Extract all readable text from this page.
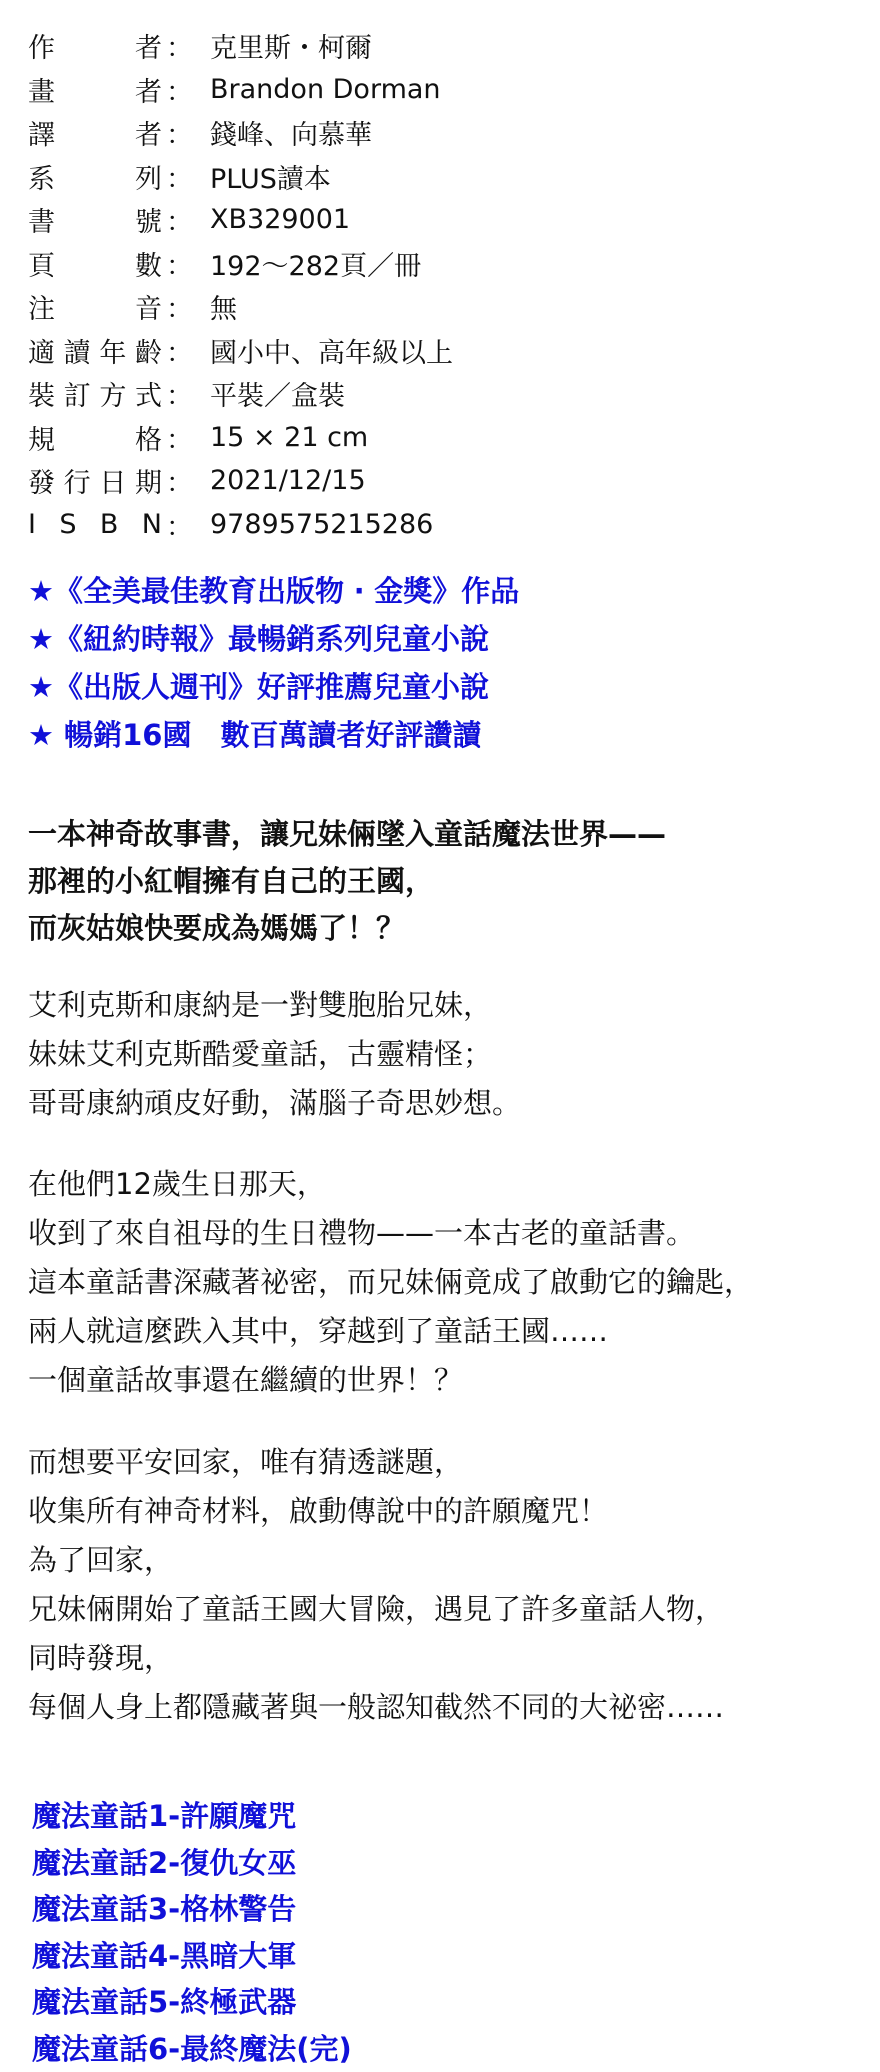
作	者 ： 克里斯・柯爾
畫	者 ： Brandon Dorman
譯	者 ： 錢峰、向慕華
系	列 ： PLUS讀本
書	號 ： XB329001
頁	數 ： 192～282頁／冊
注	音 ： 無
適 讀 年 齡 ： 國小中、高年級以上
裝 訂 方 式 ： 平裝／盒裝
規	格 ： 15 × 21 cm
發 行 日 期 ： 2021/12/15
I S B N ： 9789575215286
★《全美最佳教育出版物 ‧ 金獎》作品
★《紐約時報》最暢銷系列兒童小說
★《出版人週刊》好評推薦兒童小說
★ 暢銷16國　數百萬讀者好評讚讀
一本神奇故事書，讓兄妹倆墜入童話魔法世界——
那裡的小紅帽擁有自己的王國，
而灰姑娘快要成為媽媽了！？
艾利克斯和康納是一對雙胞胎兄妹，
妹妹艾利克斯酷愛童話，古靈精怪；
哥哥康納頑皮好動，滿腦子奇思妙想。
在他們12歲生日那天，
收到了來自祖母的生日禮物——一本古老的童話書。
這本童話書深藏著祕密，而兄妹倆竟成了啟動它的鑰匙，
兩人就這麼跌入其中，穿越到了童話王國……
一個童話故事還在繼續的世界！？
而想要平安回家，唯有猜透謎題，
收集所有神奇材料，啟動傳說中的許願魔咒！
為了回家，
兄妹倆開始了童話王國大冒險，遇見了許多童話人物，
同時發現，
每個人身上都隱藏著與一般認知截然不同的大祕密……
魔法童話1-許願魔咒
魔法童話2-復仇女巫
魔法童話3-格林警告
魔法童話4-黑暗大軍
魔法童話5-終極武器
魔法童話6-最終魔法(完)
